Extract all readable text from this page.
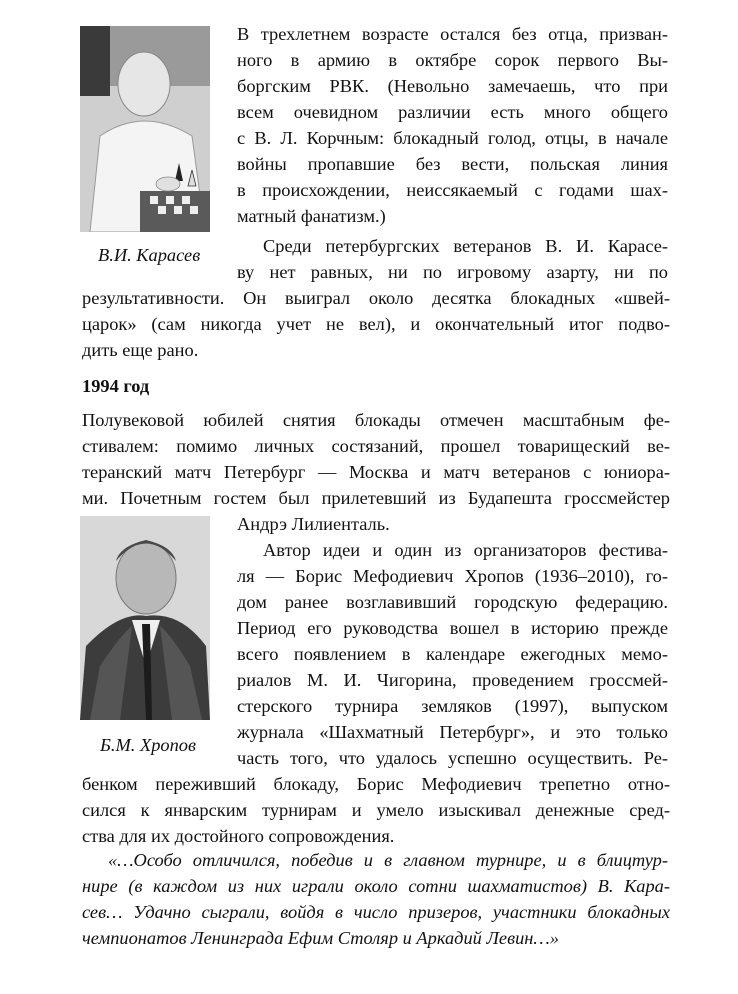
В.И. Карасев
В трехлетнем возрасте остался без отца, призван-
ного в армию в октябре сорок первого Вы-
боргским РВК. (Невольно замечаешь, что при
всем очевидном различии есть много общего
с В. Л. Корчным: блокадный голод, отцы, в начале
войны пропавшие без вести, польская линия
в происхождении, неиссякаемый с годами шах-
матный фанатизм.)
Среди петербургских ветеранов В. И. Карасе-
ву нет равных, ни по игровому азарту, ни по
результативности. Он выиграл около десятка блокадных «швей-
царок» (сам никогда учет не вел), и окончательный итог подво-
дить еще рано.
1994 год
Полувековой юбилей снятия блокады отмечен масштабным фе-
стивалем: помимо личных состязаний, прошел товарищеский ве-
теранский матч Петербург — Москва и матч ветеранов с юниора-
ми. Почетным гостем был прилетевший из Будапешта гроссмейстер
Андрэ Лилиенталь.
Б.М. Хропов
Автор идеи и один из организаторов фестива-
ля — Борис Мефодиевич Хропов (1936–2010), го-
дом ранее возглавивший городскую федерацию.
Период его руководства вошел в историю прежде
всего появлением в календаре ежегодных мемо-
риалов М. И. Чигорина, проведением гроссмей-
стерского турнира земляков (1997), выпуском
журнала «Шахматный Петербург», и это только
часть того, что удалось успешно осуществить. Ре-
бенком переживший блокаду, Борис Мефодиевич трепетно отно-
сился к январским турнирам и умело изыскивал денежные сред-
ства для их достойного сопровождения.
«…Особо отличился, победив и в главном турнире, и в блицтур-
нире (в каждом из них играли около сотни шахматистов) В. Кара-
сев… Удачно сыграли, войдя в число призеров, участники блокадных
чемпионатов Ленинграда Ефим Столяр и Аркадий Левин…»
